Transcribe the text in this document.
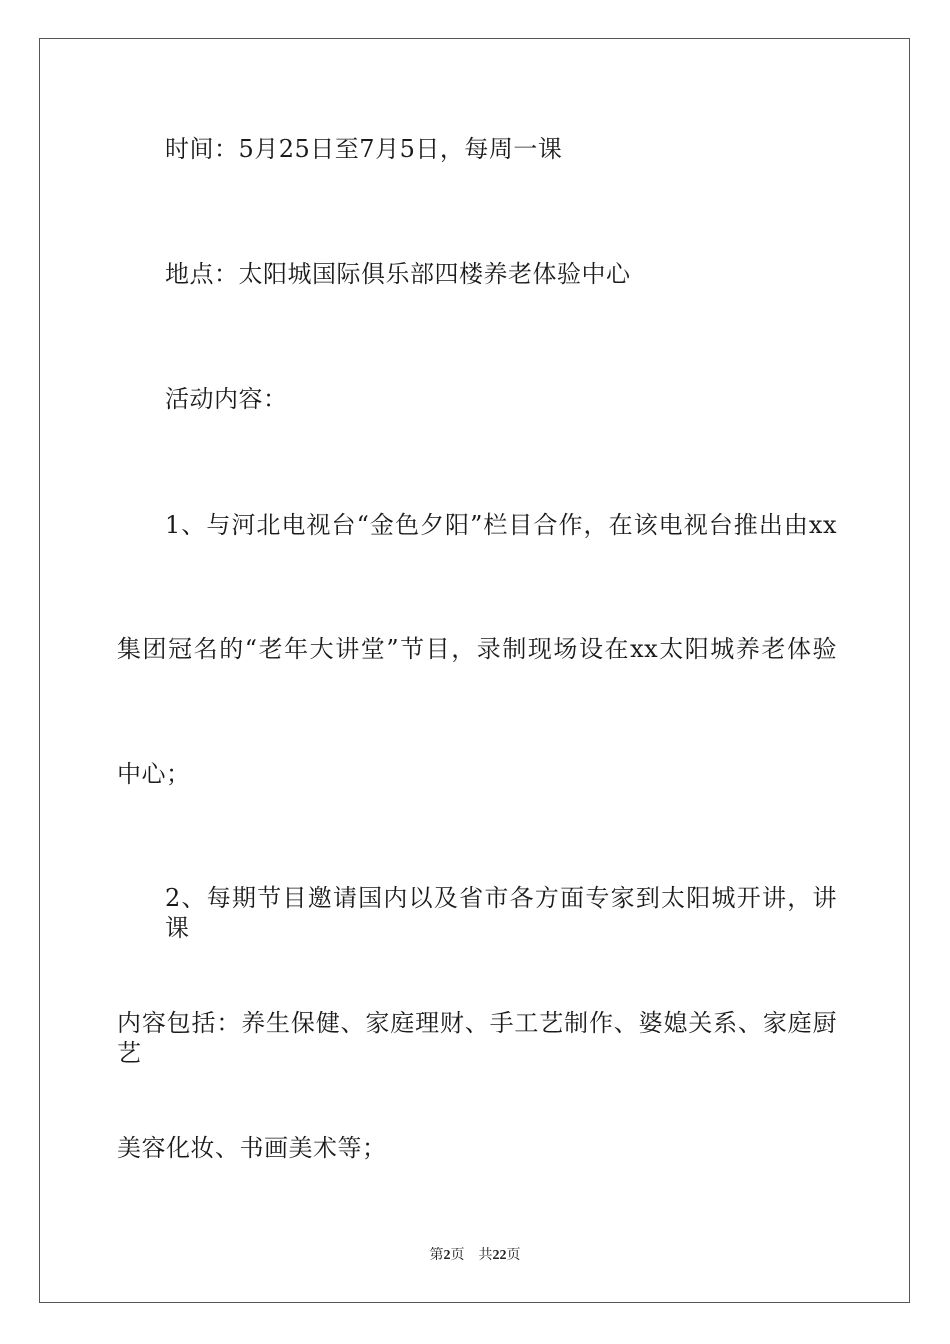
时间：5月25日至7月5日，每周一课
地点：太阳城国际俱乐部四楼养老体验中心
活动内容：
1、与河北电视台“金色夕阳”栏目合作，在该电视台推出由xx
集团冠名的“老年大讲堂”节目，录制现场设在xx太阳城养老体验
中心；
2、每期节目邀请国内以及省市各方面专家到太阳城开讲，讲课
内容包括：养生保健、家庭理财、手工艺制作、婆媳关系、家庭厨艺
美容化妆、书画美术等；
第2页 共22页
